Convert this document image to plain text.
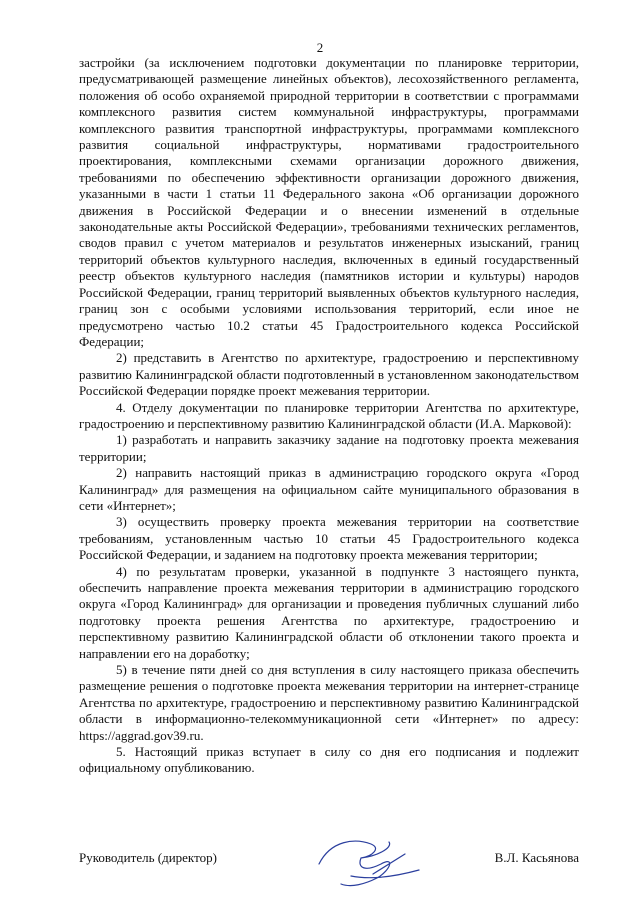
2

застройки (за исключением подготовки документации по планировке территории, предусматривающей размещение линейных объектов), лесохозяйственного регламента, положения об особо охраняемой природной территории в соответствии с программами комплексного развития систем коммунальной инфраструктуры, программами комплексного развития транспортной инфраструктуры, программами комплексного развития социальной инфраструктуры, нормативами градостроительного проектирования, комплексными схемами организации дорожного движения, требованиями по обеспечению эффективности организации дорожного движения, указанными в части 1 статьи 11 Федерального закона «Об организации дорожного движения в Российской Федерации и о внесении изменений в отдельные законодательные акты Российской Федерации», требованиями технических регламентов, сводов правил с учетом материалов и результатов инженерных изысканий, границ территорий объектов культурного наследия, включенных в единый государственный реестр объектов культурного наследия (памятников истории и культуры) народов Российской Федерации, границ территорий выявленных объектов культурного наследия, границ зон с особыми условиями использования территорий, если иное не предусмотрено частью 10.2 статьи 45 Градостроительного кодекса Российской Федерации;

2) представить в Агентство по архитектуре, градостроению и перспективному развитию Калининградской области подготовленный в установленном законодательством Российской Федерации порядке проект межевания территории.

4. Отделу документации по планировке территории Агентства по архитектуре, градостроению и перспективному развитию Калининградской области (И.А. Марковой):

1) разработать и направить заказчику задание на подготовку проекта межевания территории;

2) направить настоящий приказ в администрацию городского округа «Город Калининград» для размещения на официальном сайте муниципального образования в сети «Интернет»;

3) осуществить проверку проекта межевания территории на соответствие требованиям, установленным частью 10 статьи 45 Градостроительного кодекса Российской Федерации, и заданием на подготовку проекта межевания территории;

4) по результатам проверки, указанной в подпункте 3 настоящего пункта, обеспечить направление проекта межевания территории в администрацию городского округа «Город Калининград» для организации и проведения публичных слушаний либо подготовку проекта решения Агентства по архитектуре, градостроению и перспективному развитию Калининградской области об отклонении такого проекта и направлении его на доработку;

5) в течение пяти дней со дня вступления в силу настоящего приказа обеспечить размещение решения о подготовке проекта межевания территории на интернет-странице Агентства по архитектуре, градостроению и перспективному развитию Калининградской области в информационно-телекоммуникационной сети «Интернет» по адресу: https://aggrad.gov39.ru.

5. Настоящий приказ вступает в силу со дня его подписания и подлежит официальному опубликованию.

Руководитель (директор)	В.Л. Касьянова
